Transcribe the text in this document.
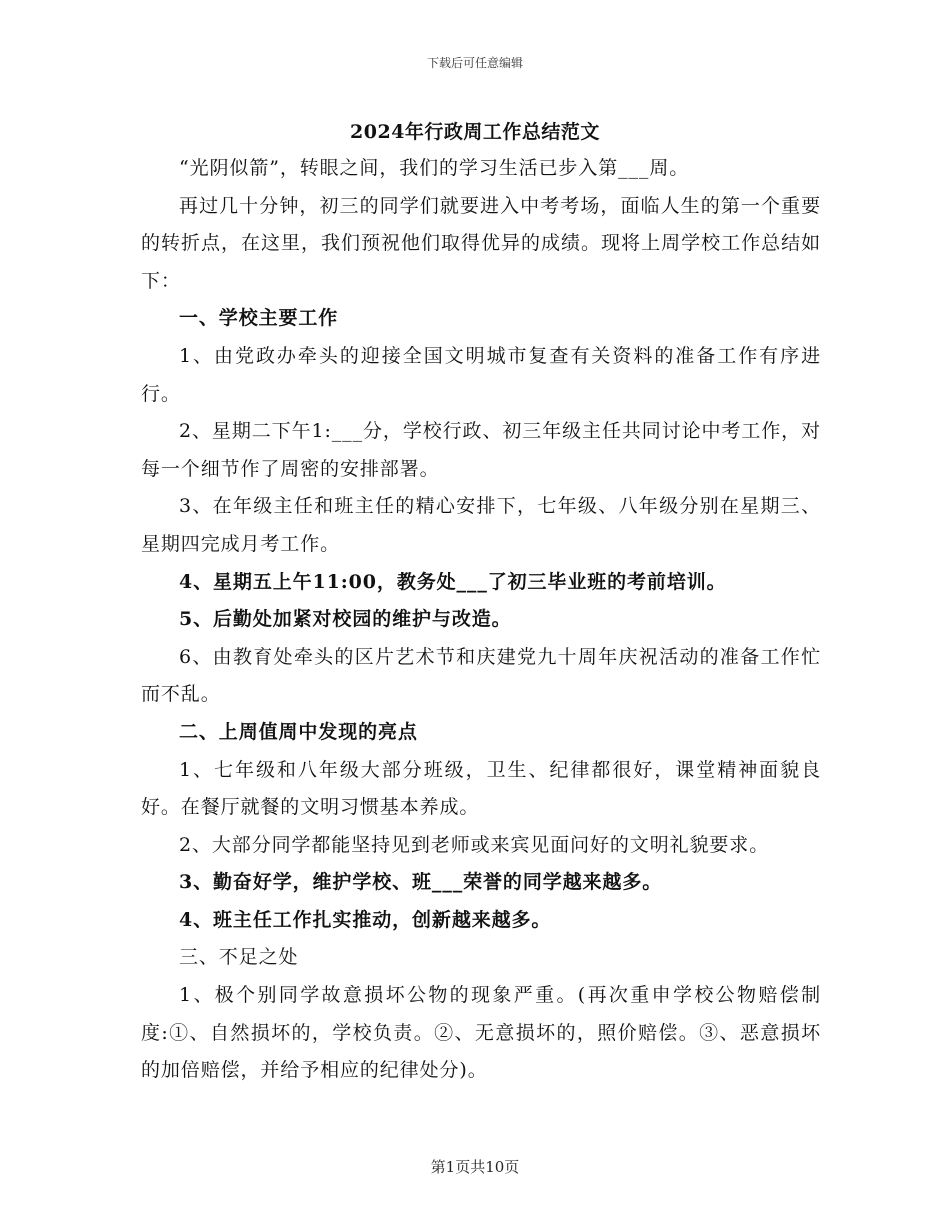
下载后可任意编辑
2024年行政周工作总结范文

“光阴似箭”，转眼之间，我们的学习生活已步入第___周。

再过几十分钟，初三的同学们就要进入中考考场，面临人生的第一个重要的转折点，在这里，我们预祝他们取得优异的成绩。现将上周学校工作总结如下：

一、学校主要工作

1、由党政办牵头的迎接全国文明城市复查有关资料的准备工作有序进行。

2、星期二下午1:___分，学校行政、初三年级主任共同讨论中考工作，对每一个细节作了周密的安排部署。

3、在年级主任和班主任的精心安排下，七年级、八年级分别在星期三、星期四完成月考工作。

4、星期五上午11:00，教务处___了初三毕业班的考前培训。

5、后勤处加紧对校园的维护与改造。

6、由教育处牵头的区片艺术节和庆建党九十周年庆祝活动的准备工作忙而不乱。

二、上周值周中发现的亮点

1、七年级和八年级大部分班级，卫生、纪律都很好，课堂精神面貌良好。在餐厅就餐的文明习惯基本养成。

2、大部分同学都能坚持见到老师或来宾见面问好的文明礼貌要求。

3、勤奋好学，维护学校、班___荣誉的同学越来越多。

4、班主任工作扎实推动，创新越来越多。

三、不足之处

1、极个别同学故意损坏公物的现象严重。(再次重申学校公物赔偿制度:①、自然损坏的，学校负责。②、无意损坏的，照价赔偿。③、恶意损坏的加倍赔偿，并给予相应的纪律处分)。

第1页共10页
